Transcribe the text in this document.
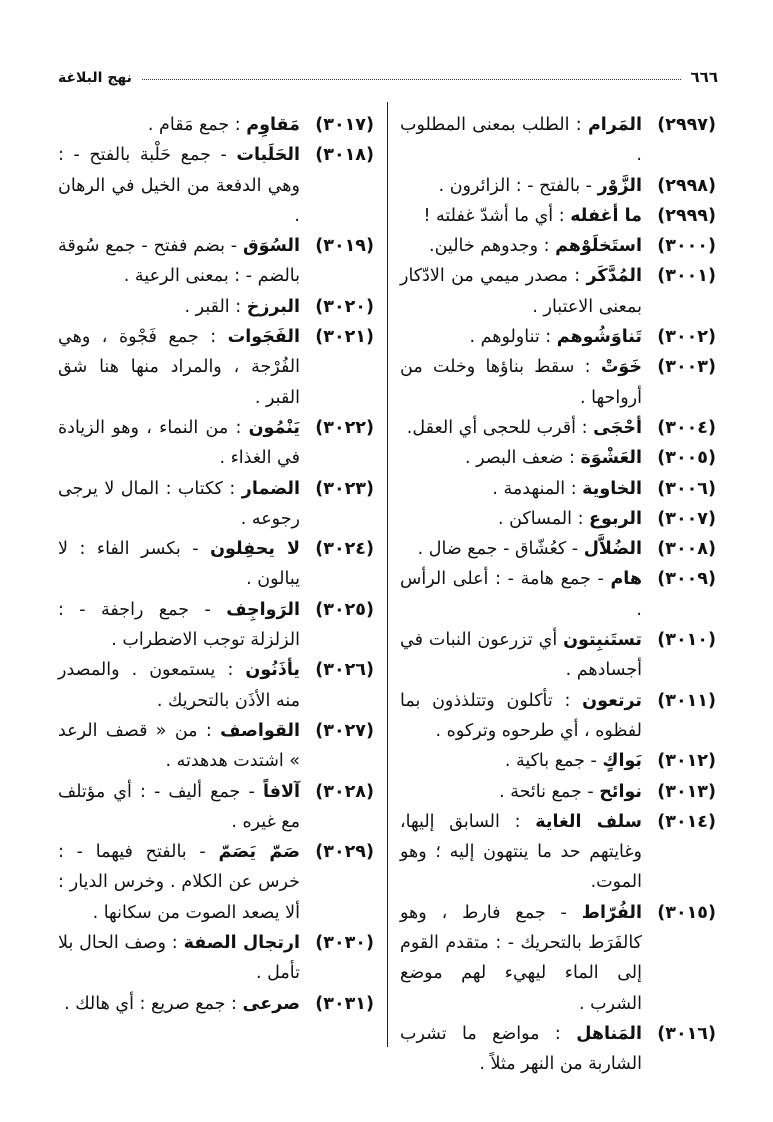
٦٦٦
نهج البلاغة
(٢٩٩٧)
المَرام : الطلب بمعنى المطلوب .
(٢٩٩٨)
الزَّوْر - بالفتح - : الزائرون .
(٢٩٩٩)
ما أغفله : أي ما أشدّ غفلته !
(٣٠٠٠)
استَخلَوْهم : وجدوهم خالين.
(٣٠٠١)
المُدَّكَر : مصدر ميمي من الادّكار بمعنى الاعتبار .
(٣٠٠٢)
تَناوَشُوهم : تناولوهم .
(٣٠٠٣)
خَوَتْ : سقط بناؤها وخلت من أرواحها .
(٣٠٠٤)
أحْجَى : أقرب للحجى أي العقل.
(٣٠٠٥)
العَشْوَة : ضعف البصر .
(٣٠٠٦)
الخاوية : المنهدمة .
(٣٠٠٧)
الربوع : المساكن .
(٣٠٠٨)
الضُلاَّل - كعُشّاق - جمع ضال .
(٣٠٠٩)
هام - جمع هامة - : أعلى الرأس .
(٣٠١٠)
تستَنبِتون أي تزرعون النبات في أجسادهم .
(٣٠١١)
ترتعون : تأكلون وتتلذذون بما لفظوه ، أي طرحوه وتركوه .
(٣٠١٢)
بَواكٍ - جمع باكية .
(٣٠١٣)
نوائح - جمع نائحة .
(٣٠١٤)
سلف الغاية : السابق إليها، وغايتهم حد ما ينتهون إليه ؛ وهو الموت.
(٣٠١٥)
الفُرّاط - جمع فارط ، وهو كالفَرَط بالتحريك - : متقدم القوم إلى الماء ليهيء لهم موضع الشرب .
(٣٠١٦)
المَناهل : مواضع ما تشرب الشاربة من النهر مثلاً .
(٣٠١٧)
مَقاوِم : جمع مَقام .
(٣٠١٨)
الحَلَبات - جمع حَلْبة بالفتح - : وهي الدفعة من الخيل في الرهان .
(٣٠١٩)
السُوَق - بضم ففتح - جمع سُوقة بالضم - : بمعنى الرعية .
(٣٠٢٠)
البرزخ : القبر .
(٣٠٢١)
الفَجَوات : جمع فَجْوة ، وهي الفُرْجة ، والمراد منها هنا شق القبر .
(٣٠٢٢)
يَنْمُون : من النماء ، وهو الزيادة في الغذاء .
(٣٠٢٣)
الضمار : ككتاب : المال لا يرجى رجوعه .
(٣٠٢٤)
لا يحفِلون - بكسر الفاء : لا يبالون .
(٣٠٢٥)
الرَواجِف - جمع راجفة - : الزلزلة توجب الاضطراب .
(٣٠٢٦)
يأذَنُون : يستمعون . والمصدر منه الأذَن بالتحريك .
(٣٠٢٧)
القواصف : من « قصف الرعد » اشتدت هدهدته .
(٣٠٢٨)
آلافاً - جمع أليف - : أي مؤتلف مع غيره .
(٣٠٢٩)
صَمّ يَصَمّ - بالفتح فيهما - : خرس عن الكلام . وخرس الديار : ألا يصعد الصوت من سكانها .
(٣٠٣٠)
ارتجال الصفة : وصف الحال بلا تأمل .
(٣٠٣١)
صرعى : جمع صريع : أي هالك .
